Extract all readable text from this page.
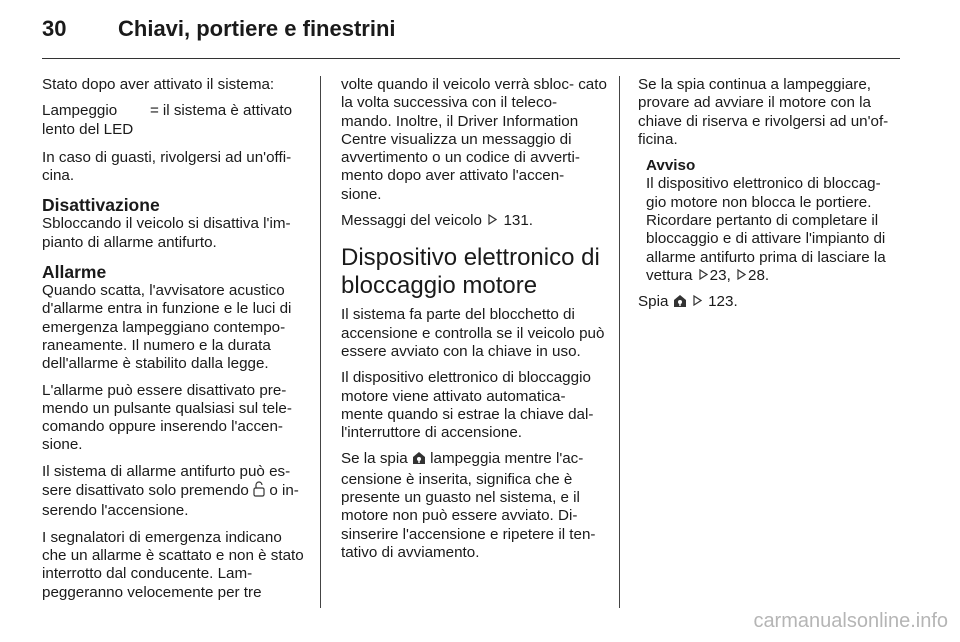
30 Chiavi, portiere e finestrini

Stato dopo aver attivato il sistema:

Lampeggio lento del LED
= il sistema è attivato

In caso di guasti, rivolgersi ad un'offi- cina.

Disattivazione

Sbloccando il veicolo si disattiva l'im- pianto di allarme antifurto.

Allarme

Quando scatta, l'avvisatore acustico d'allarme entra in funzione e le luci di emergenza lampeggiano contempo- raneamente. Il numero e la durata dell'allarme è stabilito dalla legge.

L'allarme può essere disattivato pre- mendo un pulsante qualsiasi sul tele- comando oppure inserendo l'accen- sione.

Il sistema di allarme antifurto può es- sere disattivato solo premendo o in- serendo l'accensione.

I segnalatori di emergenza indicano che un allarme è scattato e non è stato interrotto dal conducente. Lam- peggeranno velocemente per tre

volte quando il veicolo verrà sbloc- cato la volta successiva con il teleco- mando. Inoltre, il Driver Information Centre visualizza un messaggio di avvertimento o un codice di avverti- mento dopo aver attivato l'accen- sione.

Messaggi del veicolo 131.

Dispositivo elettronico di bloccaggio motore

Il sistema fa parte del blocchetto di accensione e controlla se il veicolo può essere avviato con la chiave in uso.

Il dispositivo elettronico di bloccaggio motore viene attivato automatica- mente quando si estrae la chiave dal- l'interruttore di accensione.

Se la spia lampeggia mentre l'ac- censione è inserita, significa che è presente un guasto nel sistema, e il motore non può essere avviato. Di- sinserire l'accensione e ripetere il ten- tativo di avviamento.

Se la spia continua a lampeggiare, provare ad avviare il motore con la chiave di riserva e rivolgersi ad un'of- ficina.

Avviso
Il dispositivo elettronico di bloccag- gio motore non blocca le portiere. Ricordare pertanto di completare il bloccaggio e di attivare l'impianto di allarme antifurto prima di lasciare la vettura 23, 28.

Spia	123.

carmanualsonline.info
